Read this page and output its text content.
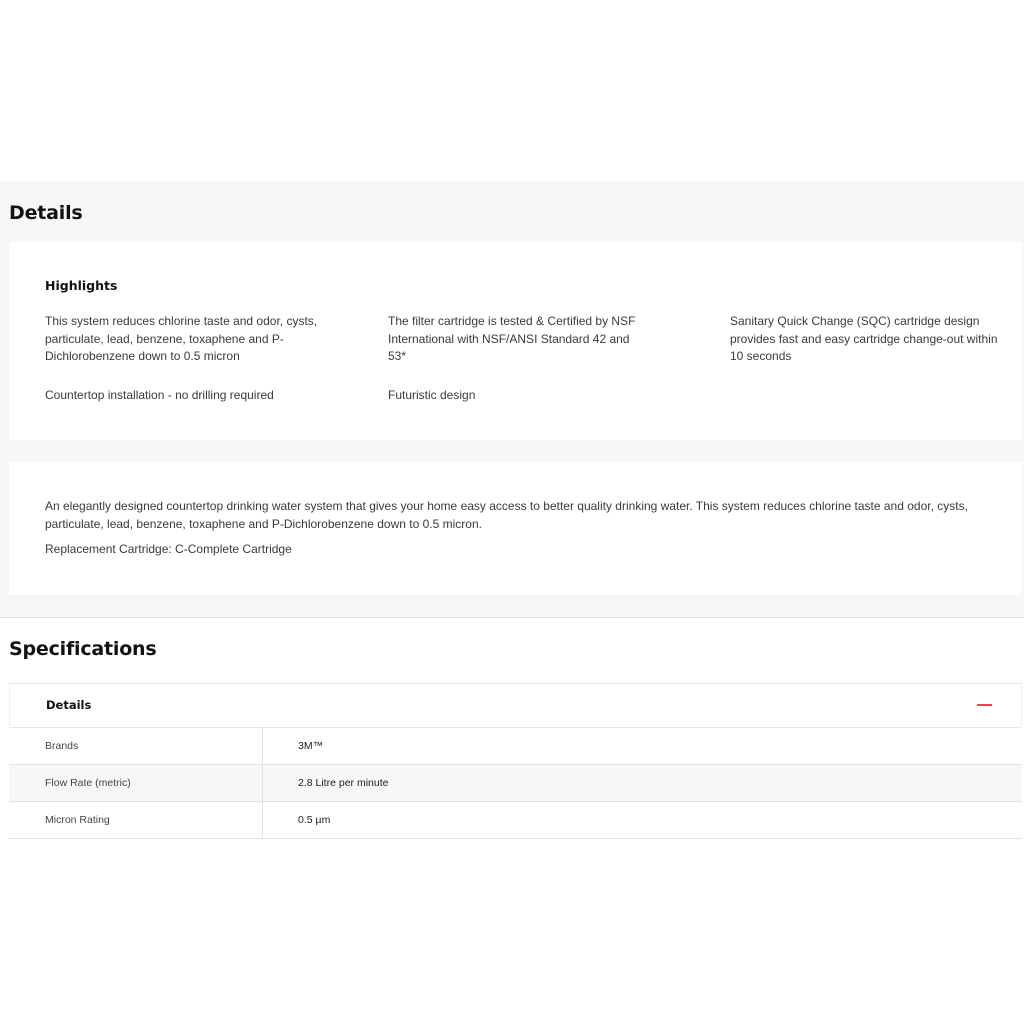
Details
Highlights

This system reduces chlorine taste and odor, cysts, particulate, lead, benzene, toxaphene and P-Dichlorobenzene down to 0.5 micron

The filter cartridge is tested & Certified by NSF International with NSF/ANSI Standard 42 and 53*

Sanitary Quick Change (SQC) cartridge design provides fast and easy cartridge change-out within 10 seconds

Countertop installation - no drilling required	Futuristic design

An elegantly designed countertop drinking water system that gives your home easy access to better quality drinking water. This system reduces chlorine taste and odor, cysts, particulate, lead, benzene, toxaphene and P-Dichlorobenzene down to 0.5 micron.

Replacement Cartridge: C-Complete Cartridge

Specifications
Details
Brands	3M™
Flow Rate (metric)	2.8 Litre per minute
Micron Rating	0.5 µm
